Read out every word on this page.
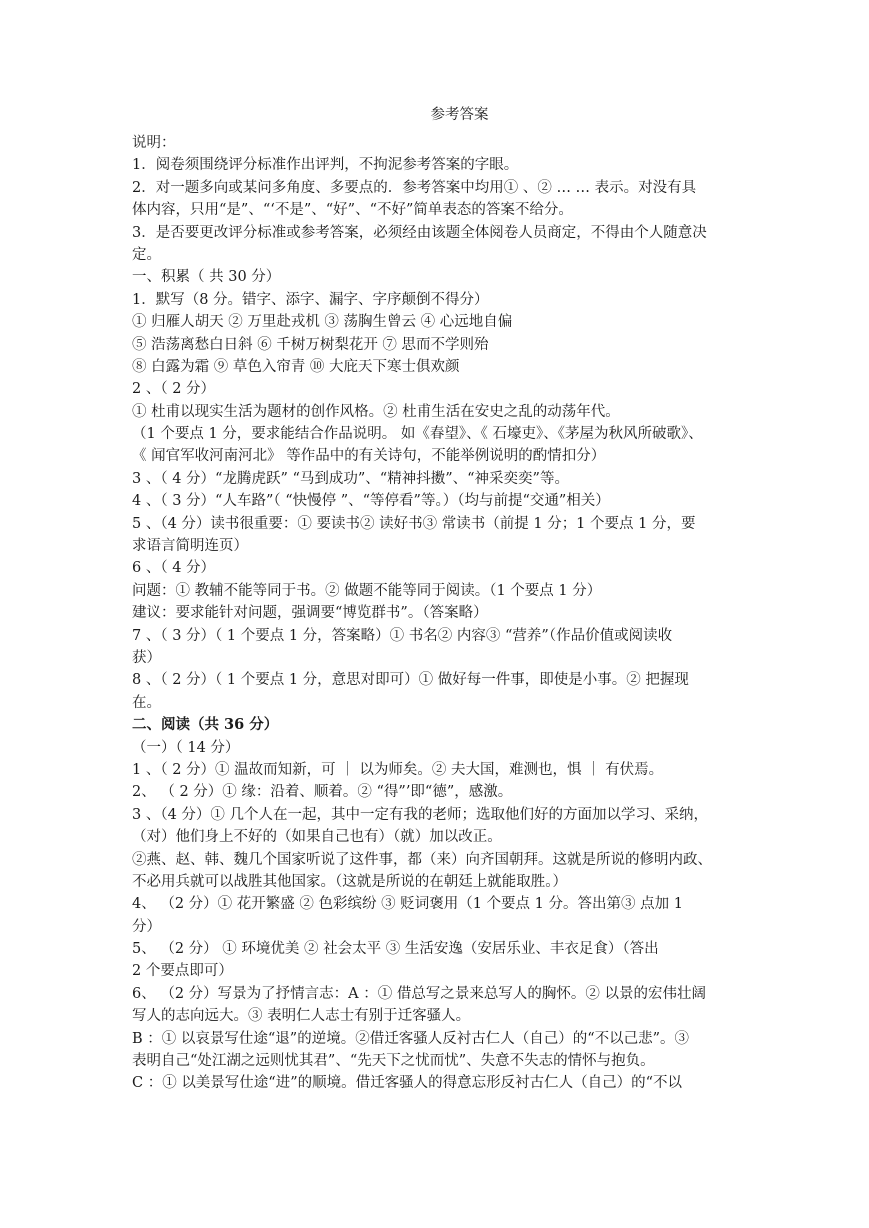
参考答案
说明：
1．阅卷须围绕评分标准作出评判，不拘泥参考答案的字眼。
2．对一题多向或某问多角度、多要点的．参考答案中均用① 、② … … 表示。对没有具
体内容，只用“是”、“‘不是”、“好”、“不好”简单表态的答案不给分。
3．是否要更改评分标准或参考答案，必须经由该题全体阅卷人员商定，不得由个人随意决
定。
一、积累（ 共 30 分）
1．默写（8 分。错字、添字、漏字、字序颠倒不得分）
① 归雁人胡天 ② 万里赴戎机 ③ 荡胸生曾云 ④ 心远地自偏
⑤ 浩荡离愁白日斜 ⑥ 千树万树梨花开 ⑦ 思而不学则殆
⑧ 白露为霜 ⑨ 草色入帘青 ⑩ 大庇天下寒士俱欢颜
2 、（ 2 分）
① 杜甫以现实生活为题材的创作风格。② 杜甫生活在安史之乱的动荡年代。
（1 个要点 1 分，要求能结合作品说明。 如《春望》、《 石壕吏》、《茅屋为秋风所破歌》、
《 闻官军收河南河北》 等作品中的有关诗句，不能举例说明的酌情扣分）
3 、（ 4 分）“龙腾虎跃” “马到成功”、“精神抖擞”、“神采奕奕”等。
4 、（ 3 分）“人车路”（ “快慢停 ”、“等停看”等。）（均与前提“交通”相关）
5 、（4 分）读书很重要：① 要读书② 读好书③ 常读书（前提 1 分；1 个要点 1 分，要
求语言简明连页）
6 、（ 4 分）
问题：① 教辅不能等同于书。② 做题不能等同于阅读。（1 个要点 1 分）
建议：要求能针对问题，强调要“博览群书”。（答案略）
7 、（ 3 分）（ 1 个要点 1 分，答案略）① 书名② 内容③ “营养”（作品价值或阅读收
获）
8 、（ 2 分）（ 1 个要点 1 分，意思对即可）① 做好每一件事，即使是小事。② 把握现
在。
二、阅读（共 36 分）
（一）（ 14 分）
1 、（ 2 分）① 温故而知新，可 ｜ 以为师矣。② 夫大国，难测也，惧 ｜ 有伏焉。
2、 （ 2 分）① 缘：沿着、顺着。② “得”’即“德”，感激。
3 、（4 分）① 几个人在一起，其中一定有我的老师；选取他们好的方面加以学习、采纳，
（对）他们身上不好的（如果自己也有）（就）加以改正。
②燕、赵、韩、魏几个国家听说了这件事，都（来）向齐国朝拜。这就是所说的修明内政、
不必用兵就可以战胜其他国家。（这就是所说的在朝廷上就能取胜。）
4、 （2 分）① 花开繁盛 ② 色彩缤纷 ③ 贬词褒用（1 个要点 1 分。答出第③ 点加 1
分）
5、 （2 分） ① 环境优美 ② 社会太平 ③ 生活安逸（安居乐业、丰衣足食）（答出
2 个要点即可）
6、 （2 分）写景为了抒情言志：A ：① 借总写之景来总写人的胸怀。② 以景的宏伟壮阔
写人的志向远大。③ 表明仁人志士有别于迁客骚人。
B ：① 以哀景写仕途“退”的逆境。②借迁客骚人反衬古仁人（自己）的“不以己悲”。③
表明自己“处江湖之远则忧其君”、“先天下之忧而忧”、失意不失志的情怀与抱负。
C ：① 以美景写仕途“进”的顺境。借迁客骚人的得意忘形反衬古仁人（自己）的“不以
